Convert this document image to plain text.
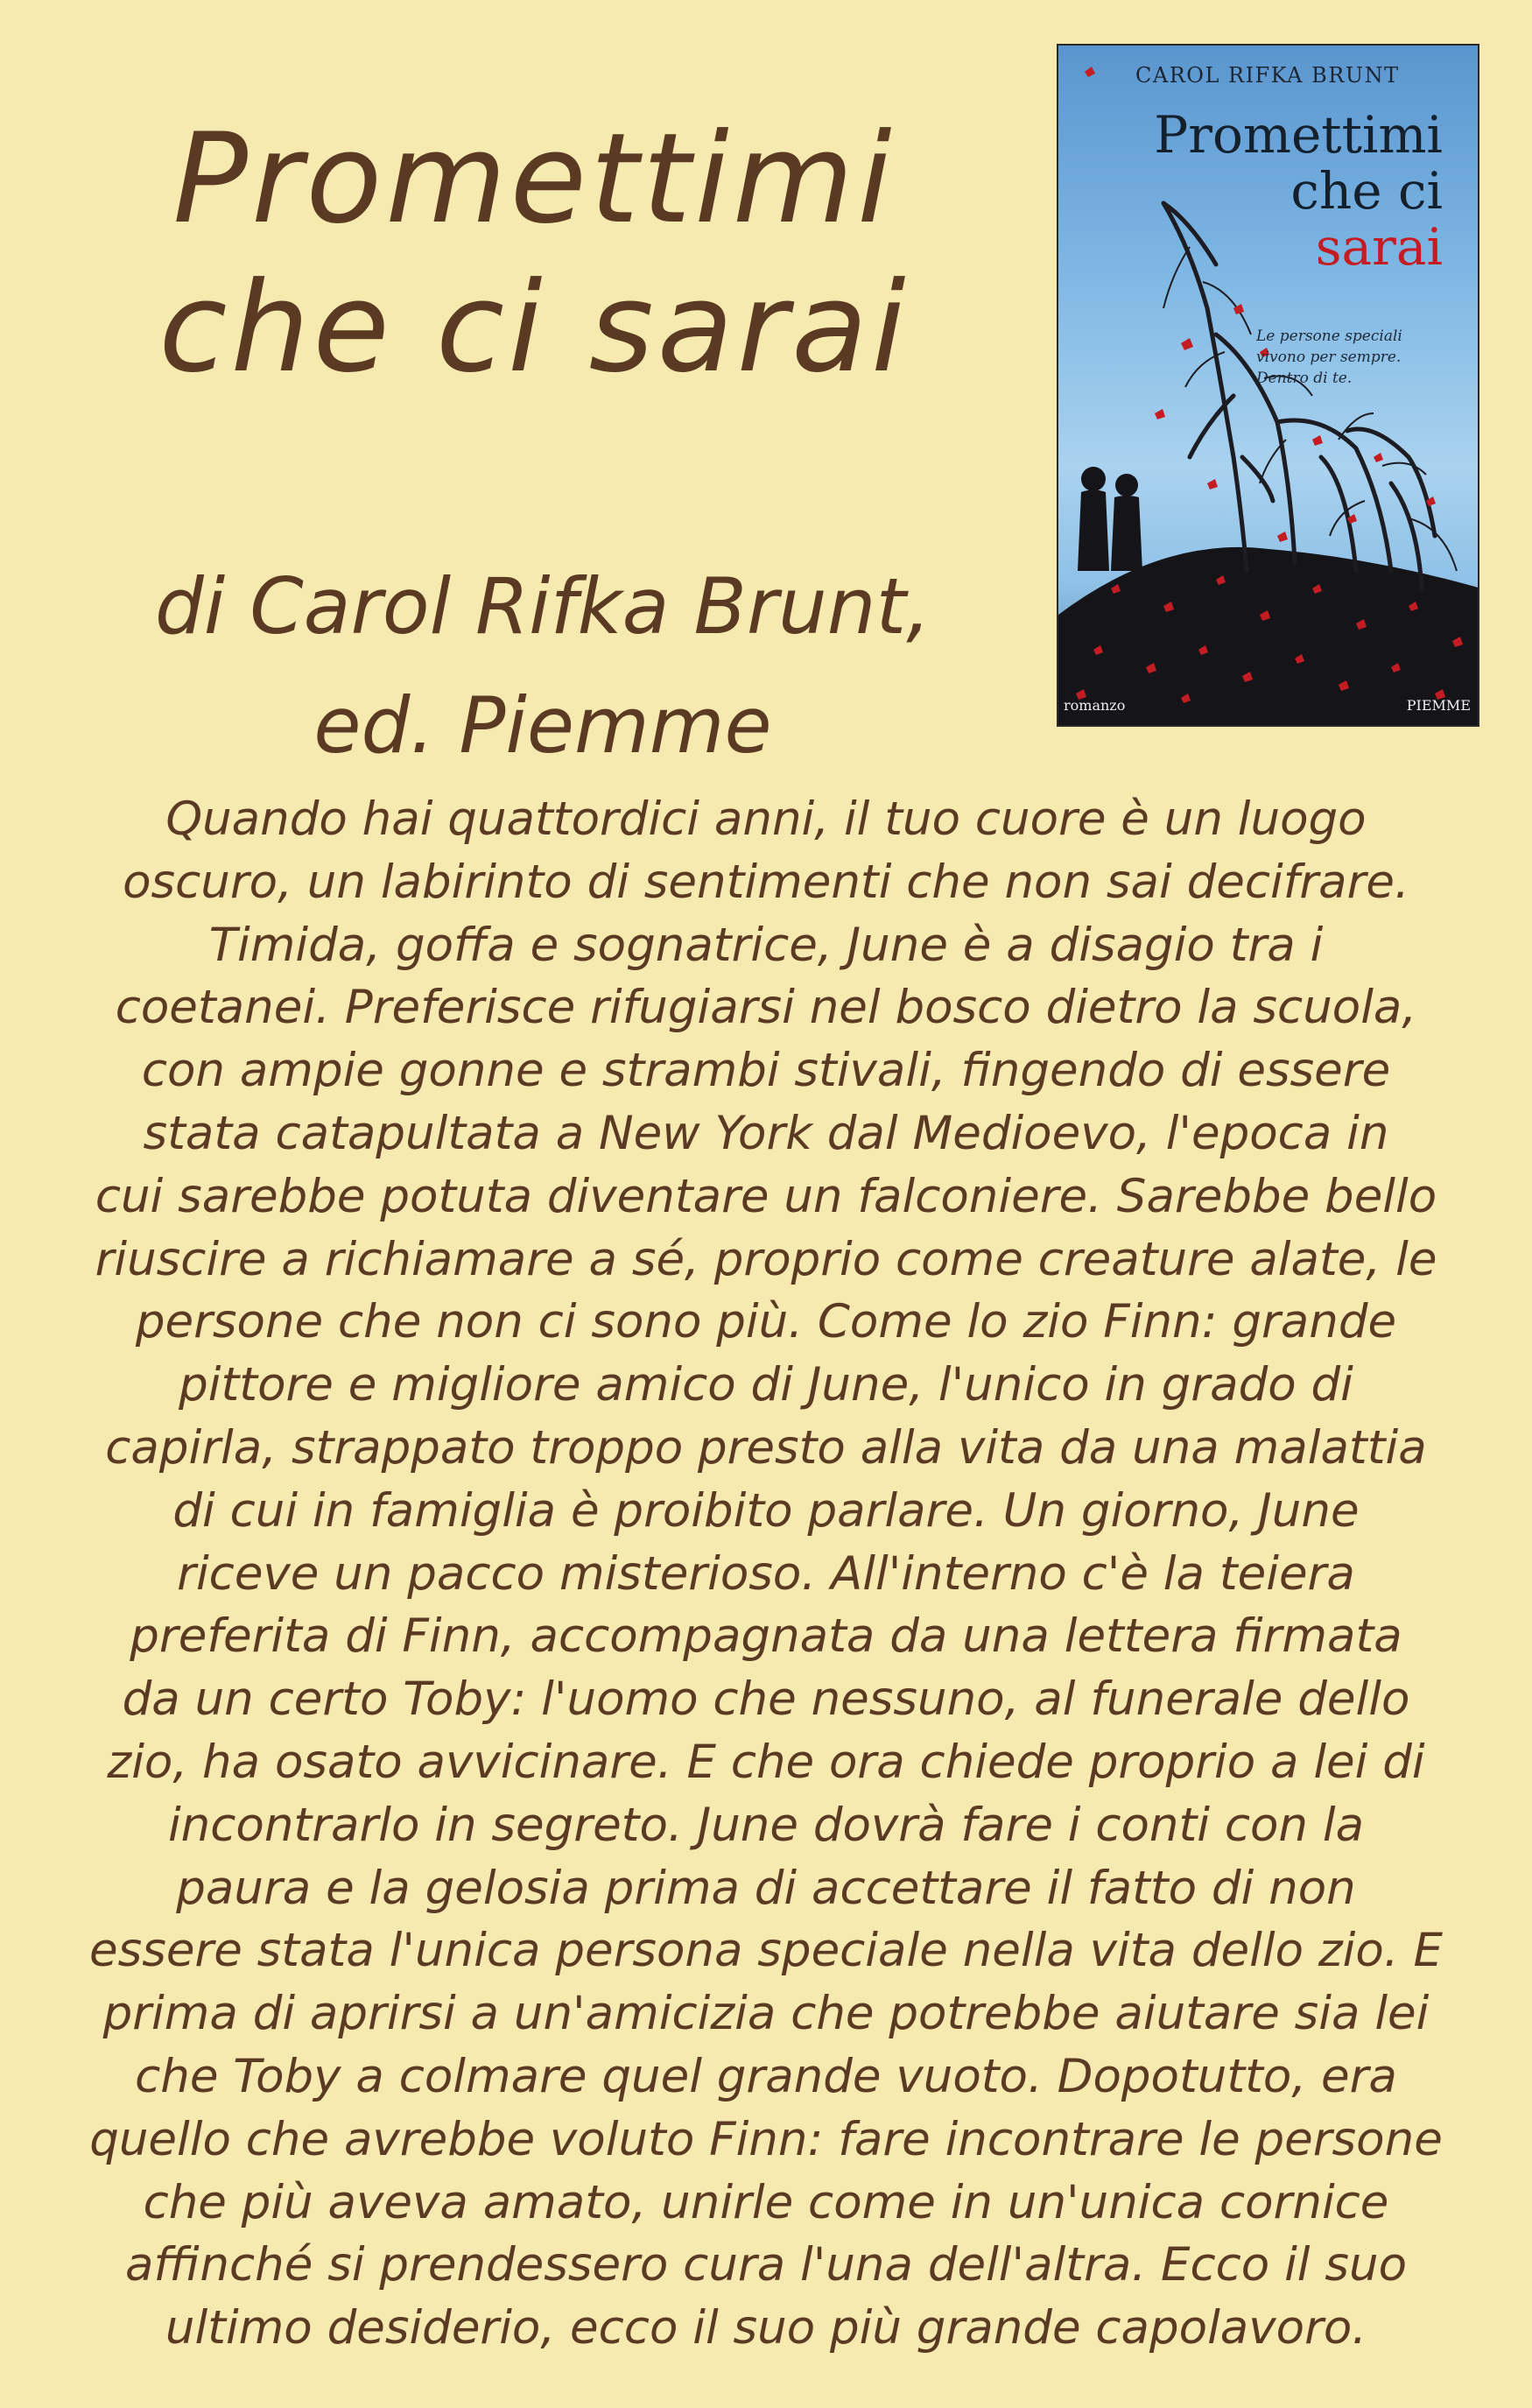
Promettimi
che ci sarai
di Carol Rifka Brunt,
ed. Piemme
CAROL RIFKA BRUNT
Promettimi
che ci
sarai
Le persone speciali
vivono per sempre.
Dentro di te.
romanzo	PIEMME
Quando hai quattordici anni, il tuo cuore è un luogo
oscuro, un labirinto di sentimenti che non sai decifrare.
Timida, goffa e sognatrice, June è a disagio tra i
coetanei. Preferisce rifugiarsi nel bosco dietro la scuola,
con ampie gonne e strambi stivali, fingendo di essere
stata catapultata a New York dal Medioevo, l'epoca in
cui sarebbe potuta diventare un falconiere. Sarebbe bello
riuscire a richiamare a sé, proprio come creature alate, le
persone che non ci sono più. Come lo zio Finn: grande
pittore e migliore amico di June, l'unico in grado di
capirla, strappato troppo presto alla vita da una malattia
di cui in famiglia è proibito parlare. Un giorno, June
riceve un pacco misterioso. All'interno c'è la teiera
preferita di Finn, accompagnata da una lettera firmata
da un certo Toby: l'uomo che nessuno, al funerale dello
zio, ha osato avvicinare. E che ora chiede proprio a lei di
incontrarlo in segreto. June dovrà fare i conti con la
paura e la gelosia prima di accettare il fatto di non
essere stata l'unica persona speciale nella vita dello zio. E
prima di aprirsi a un'amicizia che potrebbe aiutare sia lei
che Toby a colmare quel grande vuoto. Dopotutto, era
quello che avrebbe voluto Finn: fare incontrare le persone
che più aveva amato, unirle come in un'unica cornice
affinché si prendessero cura l'una dell'altra. Ecco il suo
ultimo desiderio, ecco il suo più grande capolavoro.
